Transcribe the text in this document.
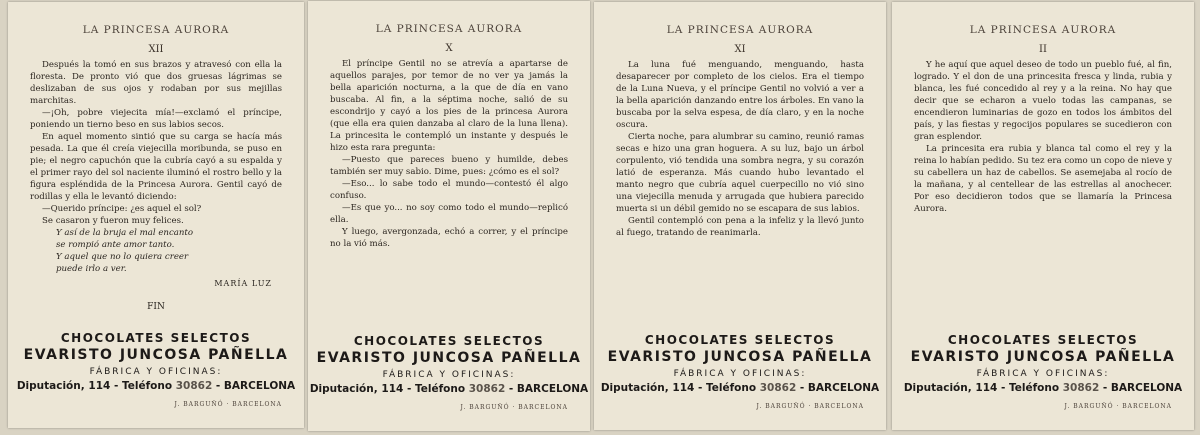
LA PRINCESA AURORA
XII

Después la tomó en sus brazos y atravesó con ella la floresta. De pronto vió que dos gruesas lágrimas se deslizaban de sus ojos y rodaban por sus mejillas marchitas.

—¡Oh, pobre viejecita mía!—exclamó el príncipe, poniendo un tierno beso en sus labios secos.

En aquel momento sintió que su carga se hacía más pesada. La que él creía viejecilla moribunda, se puso en pie; el negro capuchón que la cubría cayó a su espalda y el primer rayo del sol naciente iluminó el rostro bello y la figura espléndida de la Princesa Aurora. Gentil cayó de rodillas y ella le levantó diciendo:

—Querido príncipe: ¿es aquel el sol?

Se casaron y fueron muy felices.

Y así de la bruja el mal encanto

se rompió ante amor tanto.

Y aquel que no lo quiera creer

puede irlo a ver.

MARÍA LUZ
FIN
CHOCOLATES SELECTOS
EVARISTO JUNCOSA PAÑELLA
FÁBRICA Y OFICINAS:
Diputación, 114 - Teléfono 30862 - BARCELONA
J. BARGUÑÓ · BARCELONA
LA PRINCESA AURORA
X

El príncipe Gentil no se atrevía a apartarse de aquellos parajes, por temor de no ver ya jamás la bella aparición nocturna, a la que de día en vano buscaba. Al fin, a la séptima noche, salió de su escondrijo y cayó a los pies de la princesa Aurora (que ella era quien danzaba al claro de la luna llena). La princesita le contempló un instante y después le hizo esta rara pregunta:

—Puesto que pareces bueno y humilde, debes también ser muy sabio. Dime, pues: ¿cómo es el sol?

—Eso... lo sabe todo el mundo—contestó él algo confuso.

—Es que yo... no soy como todo el mundo—replicó ella.

Y luego, avergonzada, echó a correr, y el príncipe no la vió más.

CHOCOLATES SELECTOS
EVARISTO JUNCOSA PAÑELLA
FÁBRICA Y OFICINAS:
Diputación, 114 - Teléfono 30862 - BARCELONA
J. BARGUÑÓ · BARCELONA
LA PRINCESA AURORA
XI

La luna fué menguando, menguando, hasta desaparecer por completo de los cielos. Era el tiempo de la Luna Nueva, y el príncipe Gentil no volvió a ver a la bella aparición danzando entre los árboles. En vano la buscaba por la selva espesa, de día claro, y en la noche oscura.

Cierta noche, para alumbrar su camino, reunió ramas secas e hizo una gran hoguera. A su luz, bajo un árbol corpulento, vió tendida una sombra negra, y su corazón latió de esperanza. Más cuando hubo levantado el manto negro que cubría aquel cuerpecillo no vió sino una viejecilla menuda y arrugada que hubiera parecido muerta si un débil gemido no se escapara de sus labios.

Gentil contempló con pena a la infeliz y la llevó junto al fuego, tratando de reanimarla.

CHOCOLATES SELECTOS
EVARISTO JUNCOSA PAÑELLA
FÁBRICA Y OFICINAS:
Diputación, 114 - Teléfono 30862 - BARCELONA
J. BARGUÑÓ · BARCELONA
LA PRINCESA AURORA
II

Y he aquí que aquel deseo de todo un pueblo fué, al fin, logrado. Y el don de una princesita fresca y linda, rubia y blanca, les fué concedido al rey y a la reina. No hay que decir que se echaron a vuelo todas las campanas, se encendieron luminarias de gozo en todos los ámbitos del país, y las fiestas y regocijos populares se sucedieron con gran esplendor.

La princesita era rubia y blanca tal como el rey y la reina lo habían pedido. Su tez era como un copo de nieve y su cabellera un haz de cabellos. Se asemejaba al rocío de la mañana, y al centellear de las estrellas al anochecer. Por eso decidieron todos que se llamaría la Princesa Aurora.

CHOCOLATES SELECTOS
EVARISTO JUNCOSA PAÑELLA
FÁBRICA Y OFICINAS:
Diputación, 114 - Teléfono 30862 - BARCELONA
J. BARGUÑÓ · BARCELONA
